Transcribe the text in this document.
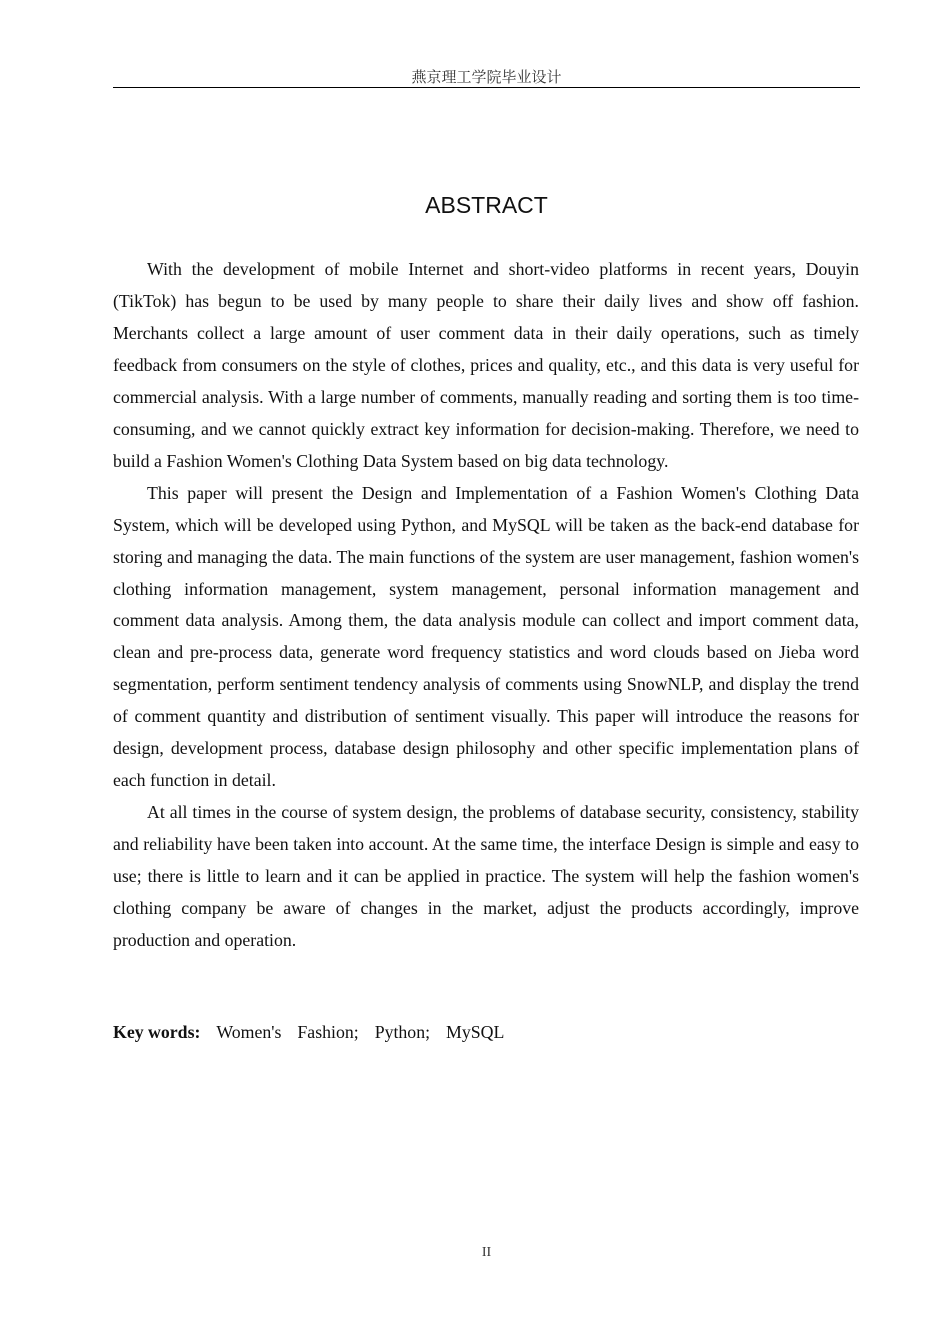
燕京理工学院毕业设计
ABSTRACT

With the development of mobile Internet and short-video platforms in recent years, Douyin (TikTok) has begun to be used by many people to share their daily lives and show off fashion. Merchants collect a large amount of user comment data in their daily operations, such as timely feedback from consumers on the style of clothes, prices and quality, etc., and this data is very useful for commercial analysis. With a large number of comments, manually reading and sorting them is too time-consuming, and we cannot quickly extract key information for decision-making. Therefore, we need to build a Fashion Women's Clothing Data System based on big data technology.

This paper will present the Design and Implementation of a Fashion Women's Clothing Data System, which will be developed using Python, and MySQL will be taken as the back-end database for storing and managing the data. The main functions of the system are user management, fashion women's clothing information management, system management, personal information management and comment data analysis. Among them, the data analysis module can collect and import comment data, clean and pre-process data, generate word frequency statistics and word clouds based on Jieba word segmentation, perform sentiment tendency analysis of comments using SnowNLP, and display the trend of comment quantity and distribution of sentiment visually. This paper will introduce the reasons for design, development process, database design philosophy and other specific implementation plans of each function in detail.

At all times in the course of system design, the problems of database security, consistency, stability and reliability have been taken into account. At the same time, the interface Design is simple and easy to use; there is little to learn and it can be applied in practice. The system will help the fashion women's clothing company be aware of changes in the market, adjust the products accordingly, improve production and operation.

Key words: Women's Fashion; Python; MySQL
II
